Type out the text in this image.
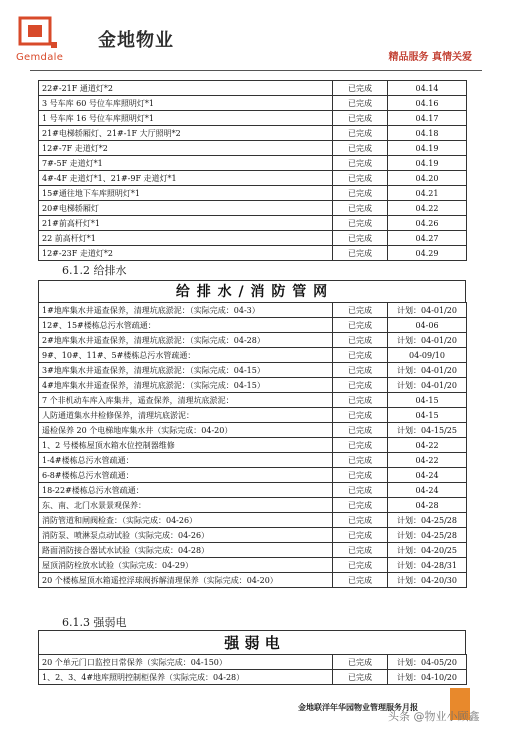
Gemdale
金地物业
精品服务 真情关爱
22#-21F 通道灯*2	已完成	04.14
3 号车库 60 号位车库照明灯*1	已完成	04.16
1 号车库 16 号位车库照明灯*1	已完成	04.17
21#电梯轿厢灯、21#-1F 大厅照明*2	已完成	04.18
12#-7F 走道灯*2	已完成	04.19
7#-5F 走道灯*1	已完成	04.19
4#-4F 走道灯*1、21#-9F 走道灯*1	已完成	04.20
15#通往地下车库照明灯*1	已完成	04.21
20#电梯轿厢灯	已完成	04.22
21#前高杆灯*1	已完成	04.26
22 前高杆灯*1	已完成	04.27
12#-23F 走道灯*2	已完成	04.29
6.1.2 给排水
给 排 水 / 消 防 管 网
1#地库集水井遥查保养，清理坑底淤泥：（实际完成：04-3）	已完成	计划：04-01/20
12#、15#楼栋总污水管疏通：	已完成	04-06
2#地库集水井遥查保养，清理坑底淤泥：（实际完成：04-28）	已完成	计划：04-01/20
9#、10#、11#、5#楼栋总污水管疏通：	已完成	04-09/10
3#地库集水井遥查保养，清理坑底淤泥：（实际完成：04-15）	已完成	计划：04-01/20
4#地库集水井遥查保养，清理坑底淤泥：（实际完成：04-15）	已完成	计划：04-01/20
7 个非机动车库入库集井，遥查保养，清理坑底淤泥：	已完成	04-15
人防通道集水井检修保养，清理坑底淤泥：	已完成	04-15
遥检保养 20 个电梯地库集水井（实际完成：04-20）	已完成	计划：04-15/25
1、2 号楼栋屋顶水箱水位控制器维修	已完成	04-22
1-4#楼栋总污水管疏通：	已完成	04-22
6-8#楼栋总污水管疏通：	已完成	04-24
18-22#楼栋总污水管疏通：	已完成	04-24
东、南、北门水景景观保养：	已完成	04-28
消防管道和闸阀检查：（实际完成：04-26）	已完成	计划：04-25/28
消防泵、喷淋泵点动试验（实际完成：04-26）	已完成	计划：04-25/28
路面消防接合器试水试验（实际完成：04-28）	已完成	计划：04-20/25
屋顶消防栓放水试验（实际完成：04-29）	已完成	计划：04-28/31
20 个楼栋屋顶水箱遥控浮球阀拆解清理保养（实际完成：04-20）	已完成	计划：04-20/30
6.1.3 强弱电
强 弱 电
20 个单元门口监控日常保养（实际完成：04-150）	已完成	计划：04-05/20
1、2、3、4#地库照明控制柜保养（实际完成：04-28）	已完成	计划：04-10/20
金地联洋年华园物业管理服务月报
头条 @物业小顾鑫
